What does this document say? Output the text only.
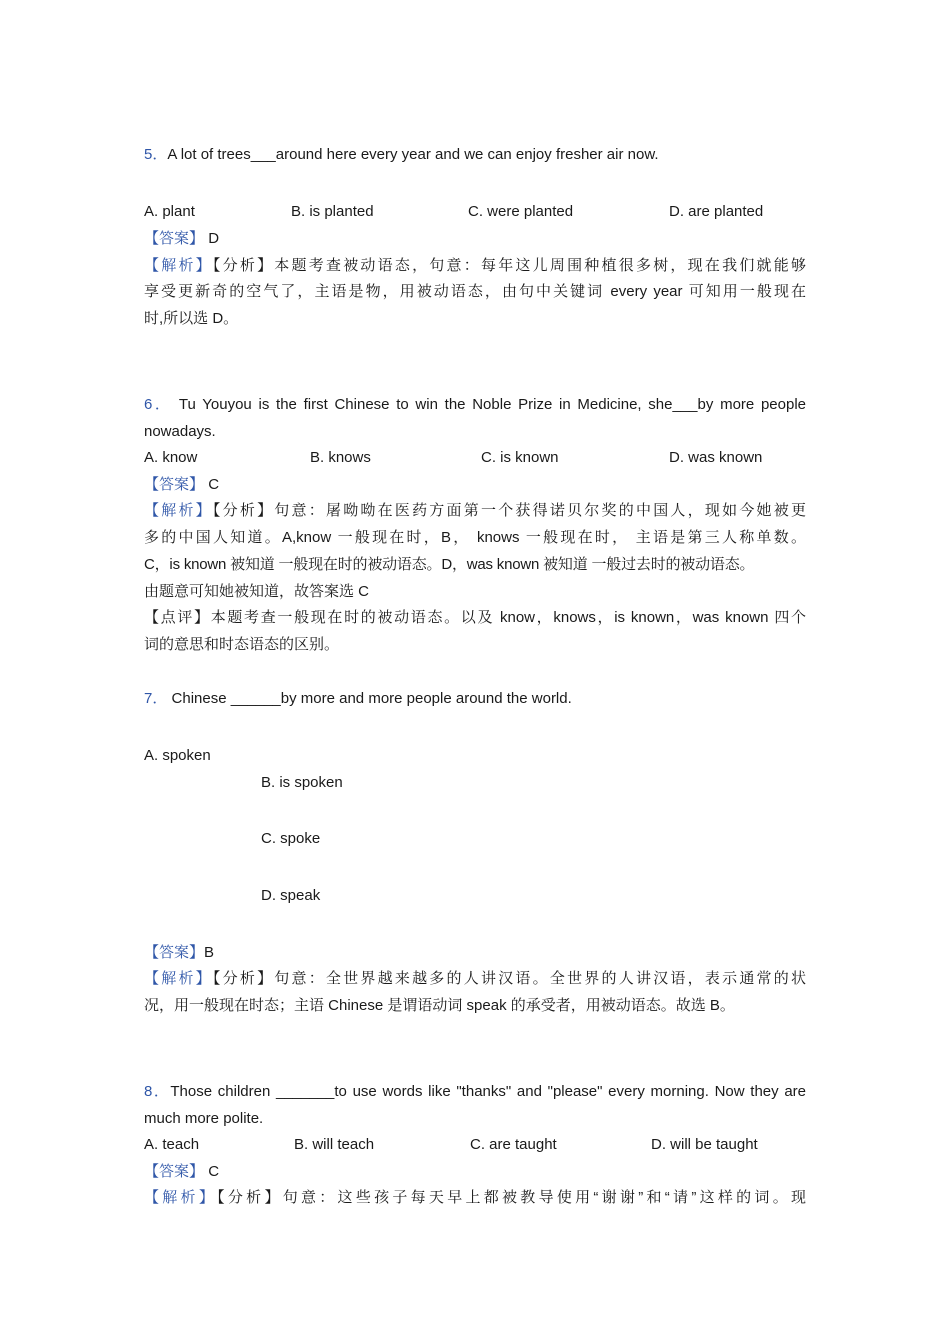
5．A lot of trees___around here every year and we can enjoy fresher air now.
A. plant	B. is planted	C. were planted	D. are planted
【答案】 D
【解析】【分析】本题考查被动语态，句意：每年这儿周围种植很多树，现在我们就能够
享受更新奇的空气了，主语是物，用被动语态，由句中关键词 every year 可知用一般现在
时,所以选 D。
6． Tu Youyou is the first Chinese to win the Noble Prize in Medicine, she___by more people
nowadays.
A. know	B. knows	C. is known	D. was known
【答案】 C
【解析】【分析】句意：屠呦呦在医药方面第一个获得诺贝尔奖的中国人，现如今她被更
多的中国人知道。A,know 一般现在时，B， knows 一般现在时， 主语是第三人称单数。
C，is known 被知道 一般现在时的被动语态。D，was known 被知道 一般过去时的被动语态。
由题意可知她被知道，故答案选 C
【点评】本题考查一般现在时的被动语态。以及 know，knows，is known，was known 四个
词的意思和时态语态的区别。
7． Chinese ______by more and more people around the world.
A. spoken
B. is spoken
C. spoke
D. speak
【答案】B
【解析】【分析】句意：全世界越来越多的人讲汉语。全世界的人讲汉语，表示通常的状
况，用一般现在时态；主语 Chinese 是谓语动词 speak 的承受者，用被动语态。故选 B。
8．Those children _______to use words like "thanks" and "please" every morning. Now they are
much more polite.
A. teach	B. will teach	C. are taught	D. will be taught
【答案】 C
【解析】【分析】句意：这些孩子每天早上都被教导使用“谢谢”和“请”这样的词。现
